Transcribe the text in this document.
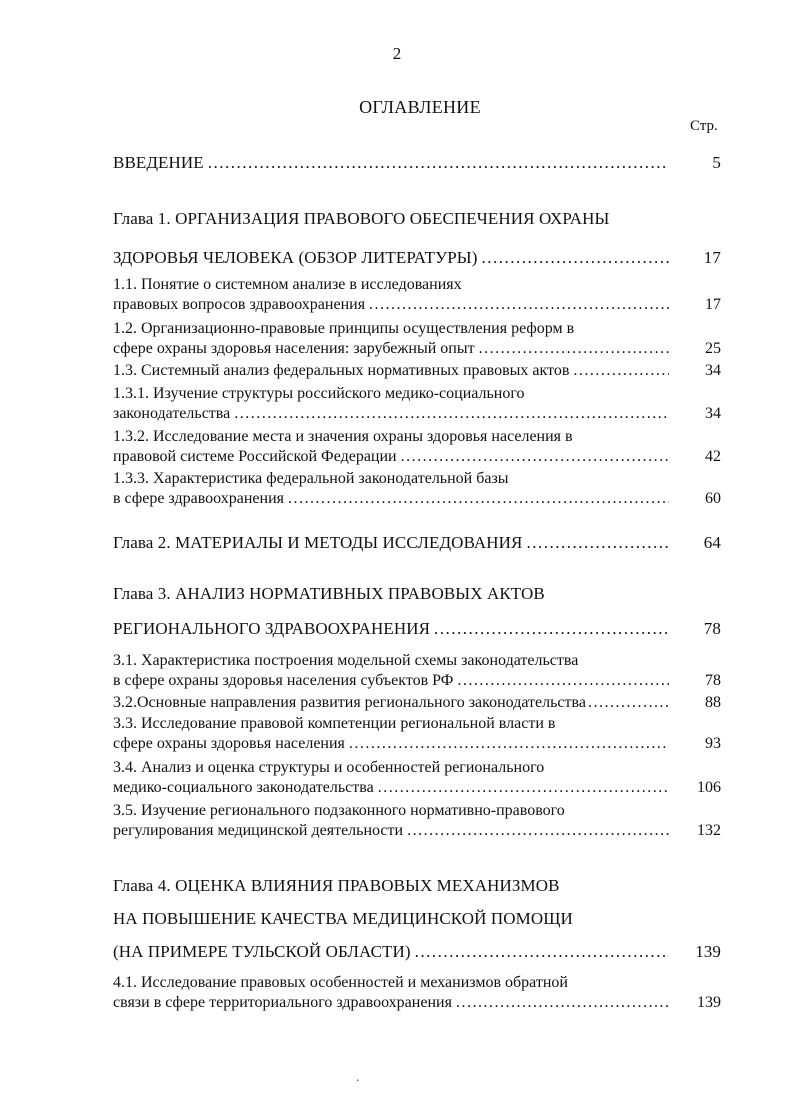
2
ОГЛАВЛЕНИЕ
Стр.
ВВЕДЕНИЕ .....	5
Глава 1. ОРГАНИЗАЦИЯ ПРАВОВОГО ОБЕСПЕЧЕНИЯ ОХРАНЫ
ЗДОРОВЬЯ ЧЕЛОВЕКА (ОБЗОР ЛИТЕРАТУРЫ) .....	17
1.1. Понятие о системном анализе в исследованиях
правовых вопросов здравоохранения .....	17
1.2. Организационно-правовые принципы осуществления реформ в
сфере охраны здоровья населения: зарубежный опыт .....	25
1.3. Системный анализ федеральных нормативных правовых актов .....	34
1.3.1. Изучение структуры российского медико-социального
законодательства .....	34
1.3.2. Исследование места и значения охраны здоровья населения в
правовой системе Российской Федерации .....	42
1.3.3. Характеристика федеральной законодательной базы
в сфере здравоохранения .....	60
Глава 2. МАТЕРИАЛЫ И МЕТОДЫ ИССЛЕДОВАНИЯ .....	64
Глава 3. АНАЛИЗ НОРМАТИВНЫХ ПРАВОВЫХ АКТОВ
РЕГИОНАЛЬНОГО ЗДРАВООХРАНЕНИЯ .....	78
3.1. Характеристика построения модельной схемы законодательства
в сфере охраны здоровья населения субъектов РФ .....	78
3.2.Основные направления развития регионального законодательства .....	88
3.3. Исследование правовой компетенции региональной власти в
сфере охраны здоровья населения .....	93
3.4. Анализ и оценка структуры и особенностей регионального
медико-социального законодательства .....	106
3.5. Изучение регионального подзаконного нормативно-правового
регулирования медицинской деятельности .....	132
Глава 4. ОЦЕНКА ВЛИЯНИЯ ПРАВОВЫХ МЕХАНИЗМОВ
НА ПОВЫШЕНИЕ КАЧЕСТВА МЕДИЦИНСКОЙ ПОМОЩИ
(НА ПРИМЕРЕ ТУЛЬСКОЙ ОБЛАСТИ) .....	139
4.1. Исследование правовых особенностей и механизмов обратной
связи в сфере территориального здравоохранения .....	139
.
